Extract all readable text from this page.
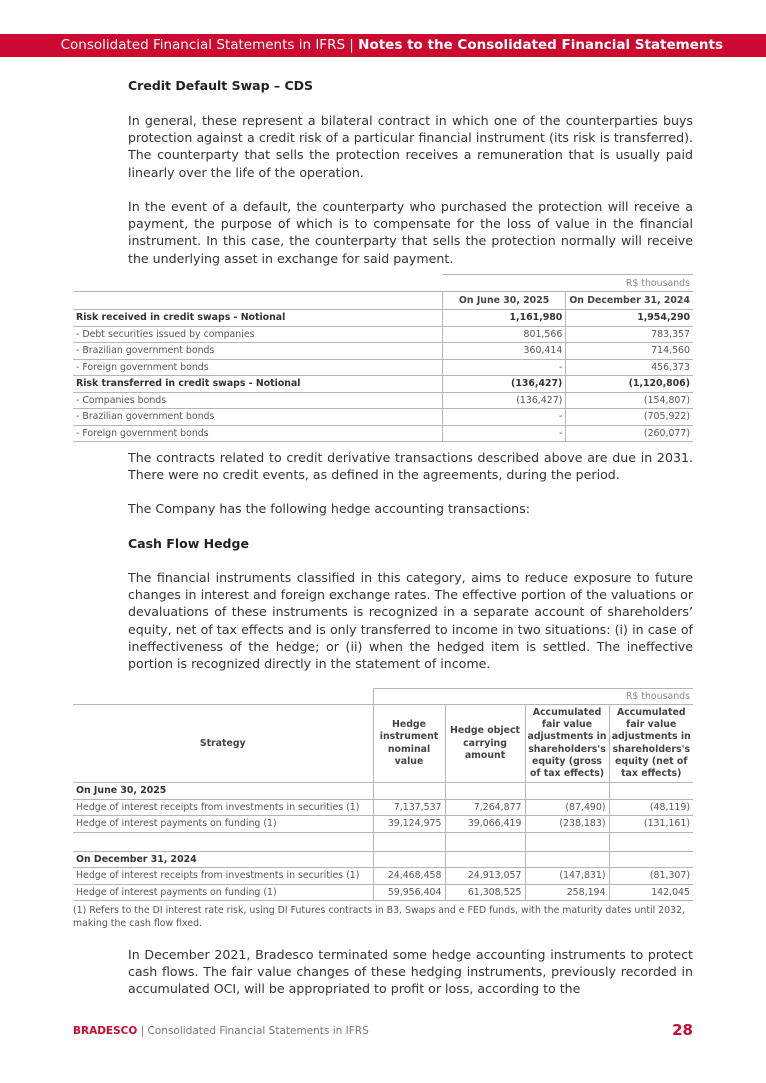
Consolidated Financial Statements in IFRS | Notes to the Consolidated Financial Statements
Credit Default Swap – CDS

In general, these represent a bilateral contract in which one of the counterparties buys protection against a credit risk of a particular financial instrument (its risk is transferred). The counterparty that sells the protection receives a remuneration that is usually paid linearly over the life of the operation.

In the event of a default, the counterparty who purchased the protection will receive a payment, the purpose of which is to compensate for the loss of value in the financial instrument. In this case, the counterparty that sells the protection normally will receive the underlying asset in exchange for said payment.

	R$ thousands	
	On June 30, 2025	On December 31, 2024
Risk received in credit swaps - Notional	1,161,980	1,954,290
- Debt securities issued by companies	801,566	783,357
- Brazilian government bonds	360,414	714,560
- Foreign government bonds	-	456,373
Risk transferred in credit swaps - Notional	(136,427)	(1,120,806)
- Companies bonds	(136,427)	(154,807)
- Brazilian government bonds	-	(705,922)
- Foreign government bonds	-	(260,077)

The contracts related to credit derivative transactions described above are due in 2031. There were no credit events, as defined in the agreements, during the period.

The Company has the following hedge accounting transactions:

Cash Flow Hedge

The financial instruments classified in this category, aims to reduce exposure to future changes in interest and foreign exchange rates. The effective portion of the valuations or devaluations of these instruments is recognized in a separate account of shareholders’ equity, net of tax effects and is only transferred to income in two situations: (i) in case of ineffectiveness of the hedge; or (ii) when the hedged item is settled. The ineffective portion is recognized directly in the statement of income.

	R$ thousands			
Strategy	Hedge instrument nominal value	Hedge object carrying amount	Accumulated fair value adjustments in shareholders's equity (gross of tax effects)	Accumulated fair value adjustments in shareholders's equity (net of tax effects)
On June 30, 2025				
Hedge of interest receipts from investments in securities (1)	7,137,537	7,264,877	(87,490)	(48,119)
Hedge of interest payments on funding (1)	39,124,975	39,066,419	(238,183)	(131,161)

On December 31, 2024				
Hedge of interest receipts from investments in securities (1)	24,468,458	24,913,057	(147,831)	(81,307)
Hedge of interest payments on funding (1)	59,956,404	61,308,525	258,194	142,045
(1) Refers to the DI interest rate risk, using DI Futures contracts in B3, Swaps and e FED funds, with the maturity dates until 2032, making the cash flow fixed.

In December 2021, Bradesco terminated some hedge accounting instruments to protect cash flows. The fair value changes of these hedging instruments, previously recorded in accumulated OCI, will be appropriated to profit or loss, according to the

BRADESCO | Consolidated Financial Statements in IFRS	28
